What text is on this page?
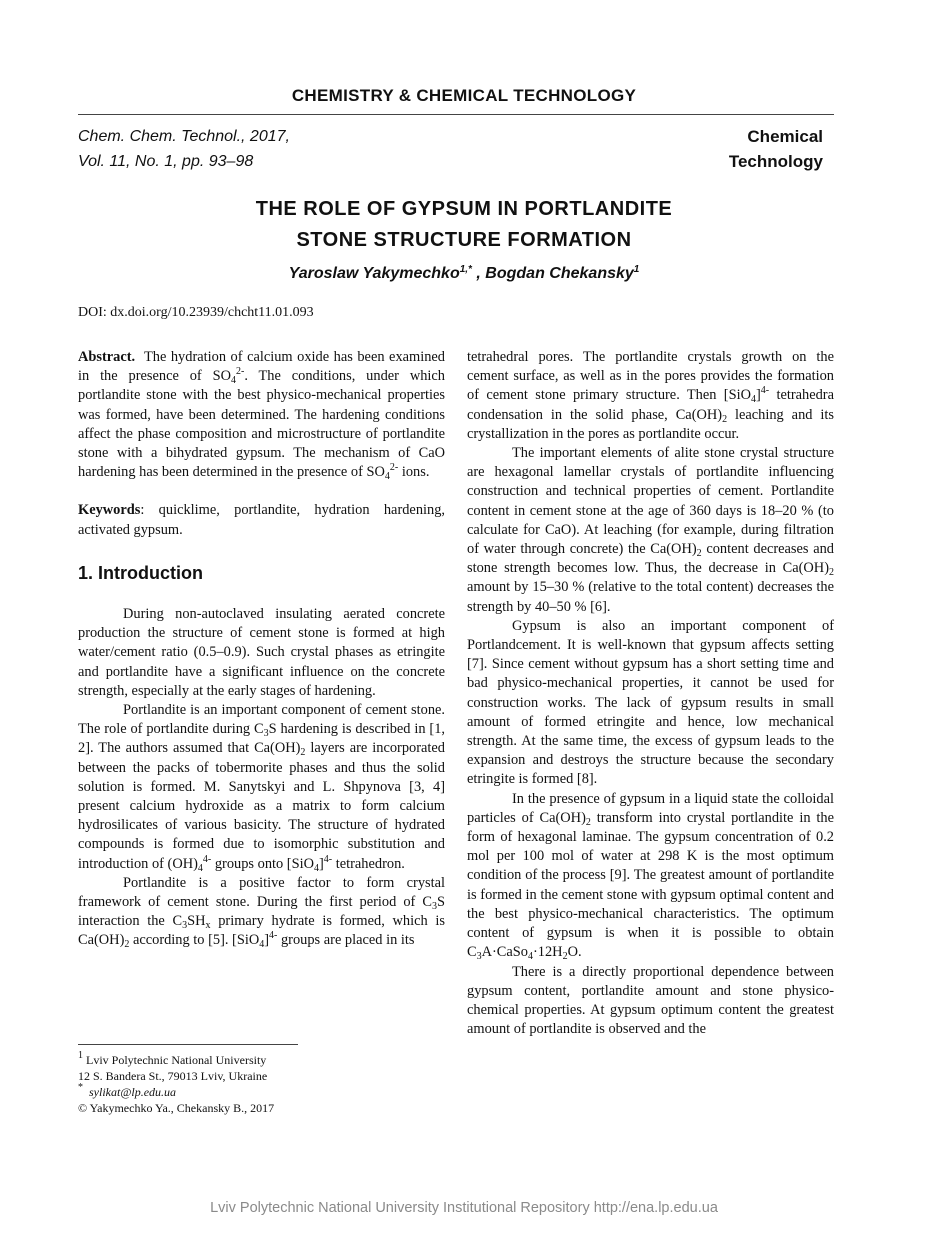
CHEMISTRY & CHEMICAL TECHNOLOGY
Chem. Chem. Technol., 2017,
Vol. 11, No. 1, pp. 93–98
Chemical
Technology
THE ROLE OF GYPSUM IN PORTLANDITE
STONE STRUCTURE FORMATION
Yaroslaw Yakymechko$^{1,*}$ , Bogdan Chekansky$^1$
DOI: dx.doi.org/10.23939/chcht11.01.093

Abstract.  The hydration of calcium oxide has been examined in the presence of $SO_4^{2-}$. The conditions, under which portlandite stone with the best physico-mechanical properties was formed, have been determined. The hardening conditions affect the phase composition and microstructure of portlandite stone with a bihydrated gypsum. The mechanism of CaO hardening has been determined in the presence of $SO_4^{2-}$ ions.

Keywords: quicklime, portlandite, hydration hardening, activated gypsum.

1. Introduction

During non-autoclaved insulating aerated concrete production the structure of cement stone is formed at high water/cement ratio (0.5–0.9). Such crystal phases as etringite and portlandite have a significant influence on the concrete strength, especially at the early stages of hardening.

Portlandite is an important component of cement stone. The role of portlandite during $C_3S$ hardening is described in [1, 2]. The authors assumed that $Ca(OH)_2$ layers are incorporated between the packs of tobermorite phases and thus the solid solution is formed. M. Sanytskyi and L. Shpynova [3, 4] present calcium hydroxide as a matrix to form calcium hydrosilicates of various basicity. The structure of hydrated compounds is formed due to isomorphic substitution and introduction of $(OH)_4^{4-}$ groups onto $[SiO_4]^{4-}$ tetrahedron.

Portlandite is a positive factor to form crystal framework of cement stone. During the first period of $C_3S$ interaction the $C_3SH_x$ primary hydrate is formed, which is $Ca(OH)_2$ according to [5]. $[SiO_4]^{4-}$ groups are placed in its

tetrahedral pores. The portlandite crystals growth on the cement surface, as well as in the pores provides the formation of cement stone primary structure. Then $[SiO_4]^{4-}$ tetrahedra condensation in the solid phase, $Ca(OH)_2$ leaching and its crystallization in the pores as portlandite occur.

The important elements of alite stone crystal structure are hexagonal lamellar crystals of portlandite influencing construction and technical properties of cement. Portlandite content in cement stone at the age of 360 days is 18–20 % (to calculate for CaO). At leaching (for example, during filtration of water through concrete) the $Ca(OH)_2$ content decreases and stone strength becomes low. Thus, the decrease in $Ca(OH)_2$ amount by 15–30 % (relative to the total content) decreases the strength by 40–50 % [6].

Gypsum is also an important component of Portlandcement. It is well-known that gypsum affects setting [7]. Since cement without gypsum has a short setting time and bad physico-mechanical properties, it cannot be used for construction works. The lack of gypsum results in small amount of formed etringite and hence, low mechanical strength. At the same time, the excess of gypsum leads to the expansion and destroys the structure because the secondary etringite is formed [8].

In the presence of gypsum in a liquid state the colloidal particles of $Ca(OH)_2$ transform into crystal portlandite in the form of hexagonal laminae. The gypsum concentration of 0.2 mol per 100 mol of water at 298 K is the most optimum condition of the process [9]. The greatest amount of portlandite is formed in the cement stone with gypsum optimal content and the best physico-mechanical characteristics. The optimum content of gypsum is when it is possible to obtain $C_3A\cdot CaSo_4\cdot 12H_2O$.

There is a directly proportional dependence between gypsum content, portlandite amount and stone physico-chemical properties. At gypsum optimum content the greatest amount of portlandite is observed and the

$^1$ Lviv Polytechnic National University

12 S. Bandera St., 79013 Lviv, Ukraine

* sylikat@lp.edu.ua

© Yakymechko Ya., Chekansky B., 2017

Lviv Polytechnic National University Institutional Repository http://ena.lp.edu.ua
